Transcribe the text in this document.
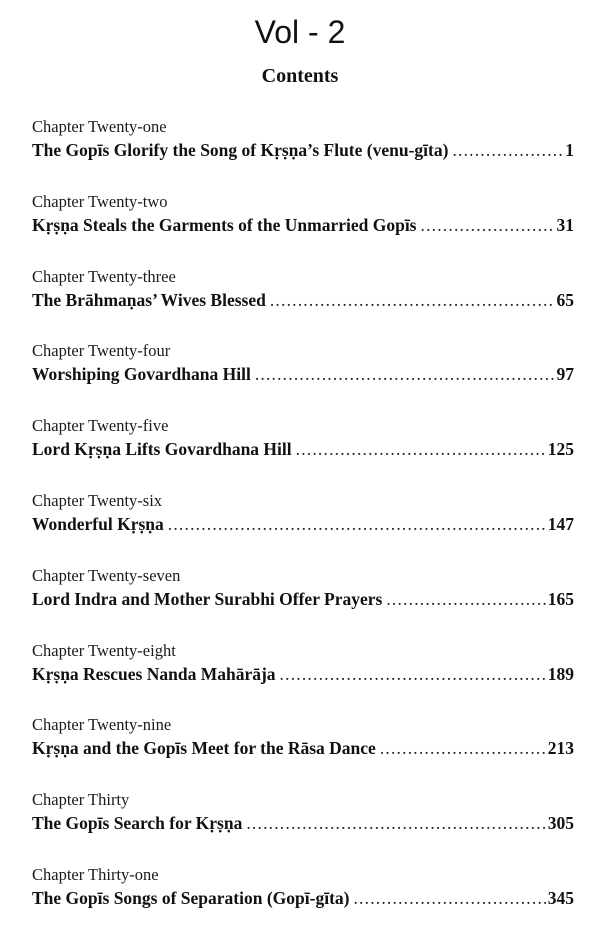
Vol - 2
Contents
Chapter Twenty-one
The Gopīs Glorify the Song of Kṛṣṇa’s Flute (venu-gīta) .....	1
Chapter Twenty-two
Kṛṣṇa Steals the Garments of the Unmarried Gopīs .....	31
Chapter Twenty-three
The Brāhmaṇas’ Wives Blessed .....	65
Chapter Twenty-four
Worshiping Govardhana Hill .....	97
Chapter Twenty-five
Lord Kṛṣṇa Lifts Govardhana Hill .....	125
Chapter Twenty-six
Wonderful Kṛṣṇa .....	147
Chapter Twenty-seven
Lord Indra and Mother Surabhi Offer Prayers .....	165
Chapter Twenty-eight
Kṛṣṇa Rescues Nanda Mahārāja .....	189
Chapter Twenty-nine
Kṛṣṇa and the Gopīs Meet for the Rāsa Dance .....	213
Chapter Thirty
The Gopīs Search for Kṛṣṇa .....	305
Chapter Thirty-one
The Gopīs Songs of Separation (Gopī-gīta) .....	345
